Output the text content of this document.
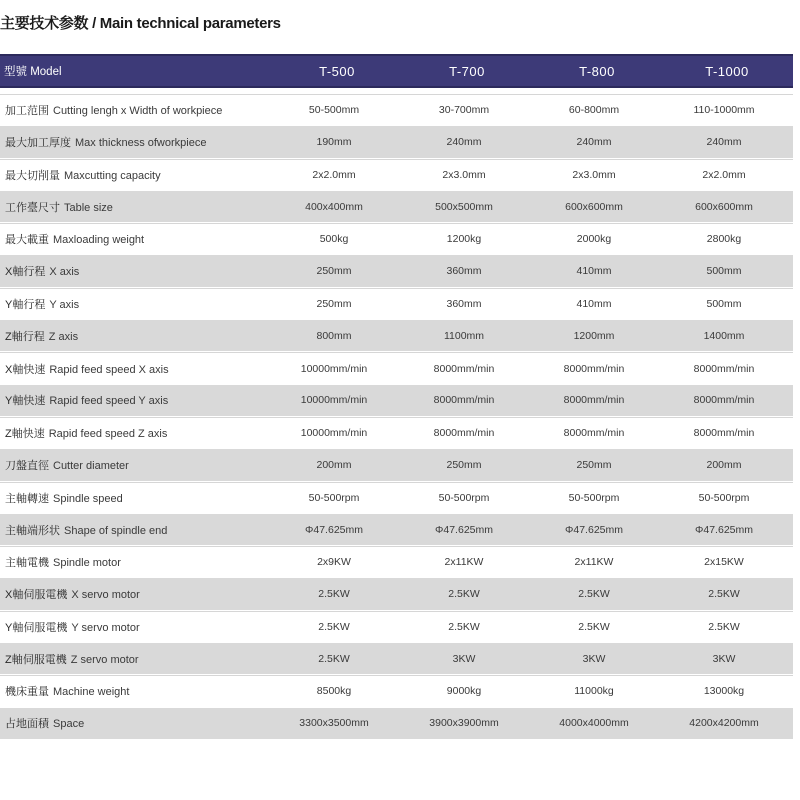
主要技术参数 / Main technical parameters
型號 Model	T-500	T-700	T-800	T-1000
加工范围 Cutting lengh x Width of workpiece	50-500mm	30-700mm	60-800mm	110-1000mm
最大加工厚度 Max thickness ofworkpiece	190mm	240mm	240mm	240mm
最大切削量 Maxcutting capacity	2x2.0mm	2x3.0mm	2x3.0mm	2x2.0mm
工作臺尺寸 Table size	400x400mm	500x500mm	600x600mm	600x600mm
最大載重 Maxloading weight	500kg	1200kg	2000kg	2800kg
X軸行程 X axis	250mm	360mm	410mm	500mm
Y軸行程 Y axis	250mm	360mm	410mm	500mm
Z軸行程 Z axis	800mm	1100mm	1200mm	1400mm
X軸快速 Rapid feed speed X axis	10000mm/min	8000mm/min	8000mm/min	8000mm/min
Y軸快速 Rapid feed speed Y axis	10000mm/min	8000mm/min	8000mm/min	8000mm/min
Z軸快速 Rapid feed speed Z axis	10000mm/min	8000mm/min	8000mm/min	8000mm/min
刀盤直徑 Cutter diameter	200mm	250mm	250mm	200mm
主軸轉速 Spindle speed	50-500rpm	50-500rpm	50-500rpm	50-500rpm
主軸端形状 Shape of spindle end	Φ47.625mm	Φ47.625mm	Φ47.625mm	Φ47.625mm
主軸電機 Spindle motor	2x9KW	2x11KW	2x11KW	2x15KW
X軸伺服電機 X servo motor	2.5KW	2.5KW	2.5KW	2.5KW
Y軸伺服電機 Y servo motor	2.5KW	2.5KW	2.5KW	2.5KW
Z軸伺服電機 Z servo motor	2.5KW	3KW	3KW	3KW
機床重量 Machine weight	8500kg	9000kg	11000kg	13000kg
占地面積 Space	3300x3500mm	3900x3900mm	4000x4000mm	4200x4200mm
